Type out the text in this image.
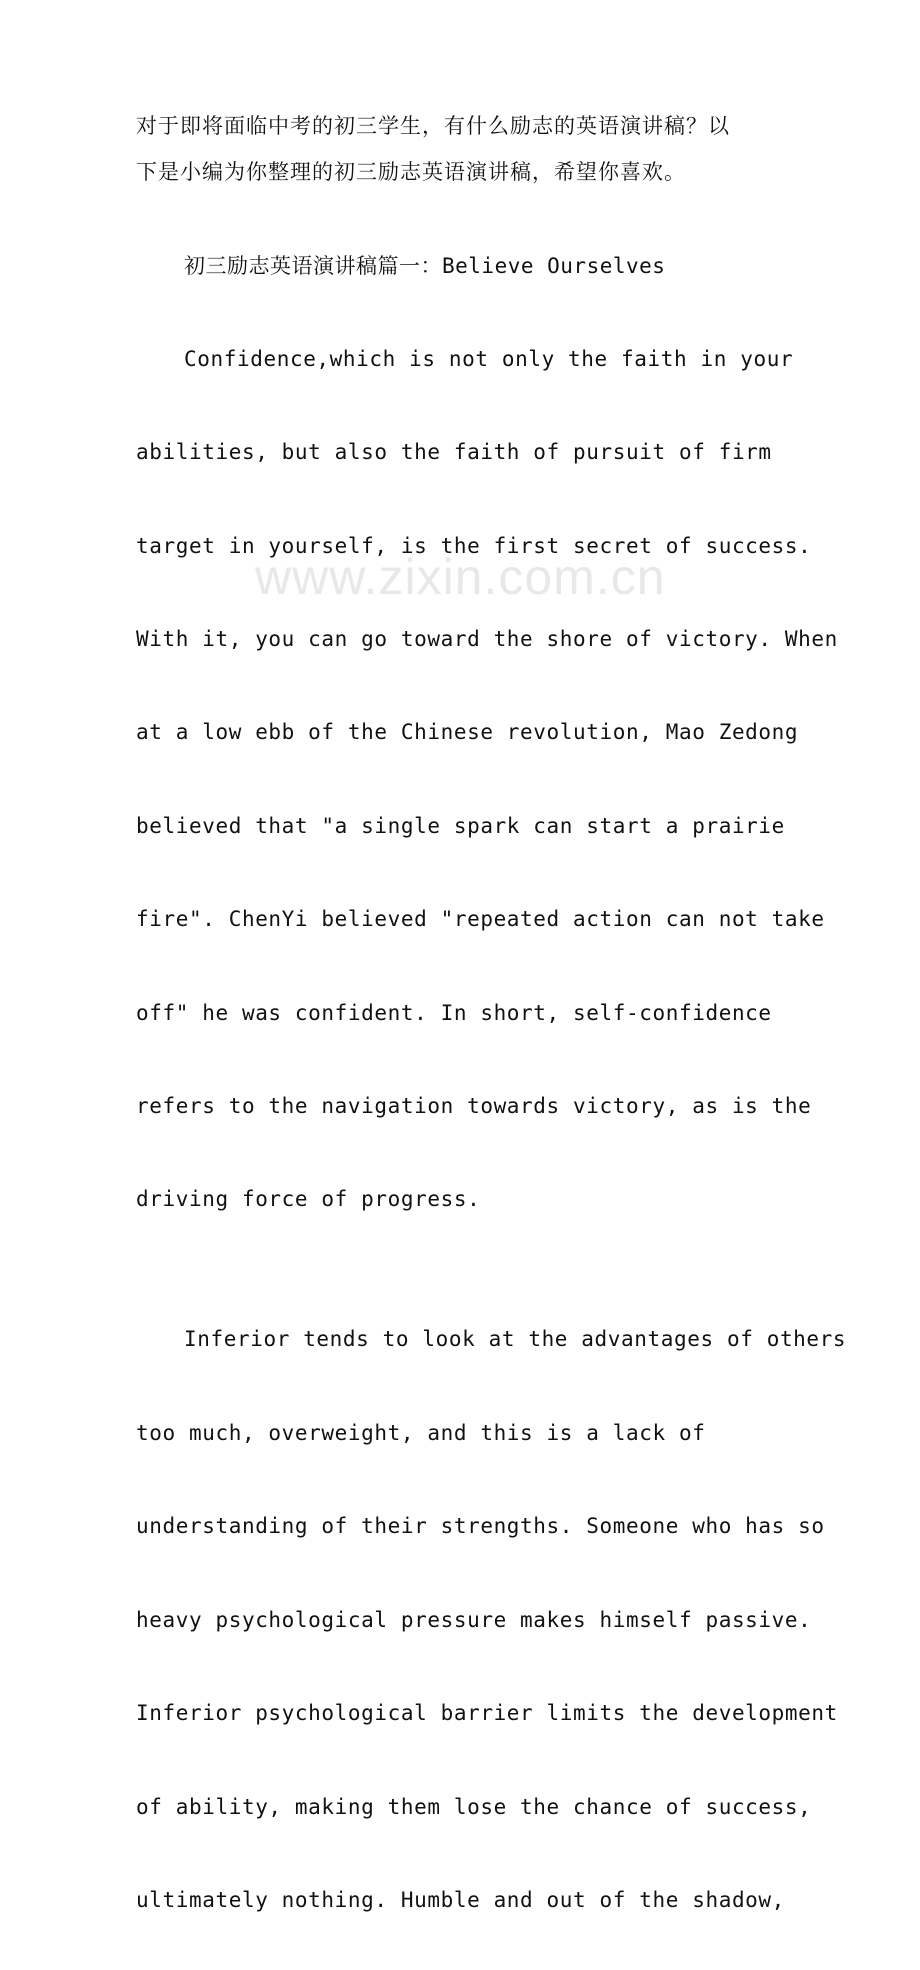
www.zixin.com.cn
对于即将面临中考的初三学生，有什么励志的英语演讲稿？以
下是小编为你整理的初三励志英语演讲稿，希望你喜欢。
初三励志英语演讲稿篇一：Believe Ourselves

Confidence,which is not only the faith in your

abilities, but also the faith of pursuit of firm

target in yourself, is the first secret of success.

With it, you can go toward the shore of victory. When

at a low ebb of the Chinese revolution, Mao Zedong

believed that "a single spark can start a prairie

fire". ChenYi believed "repeated action can not take

off" he was confident. In short, self-confidence

refers to the navigation towards victory, as is the

driving force of progress.

Inferior tends to look at the advantages of others

too much, overweight, and this is a lack of

understanding of their strengths. Someone who has so

heavy psychological pressure makes himself passive.

Inferior psychological barrier limits the development

of ability, making them lose the chance of success,

ultimately nothing. Humble and out of the shadow,
